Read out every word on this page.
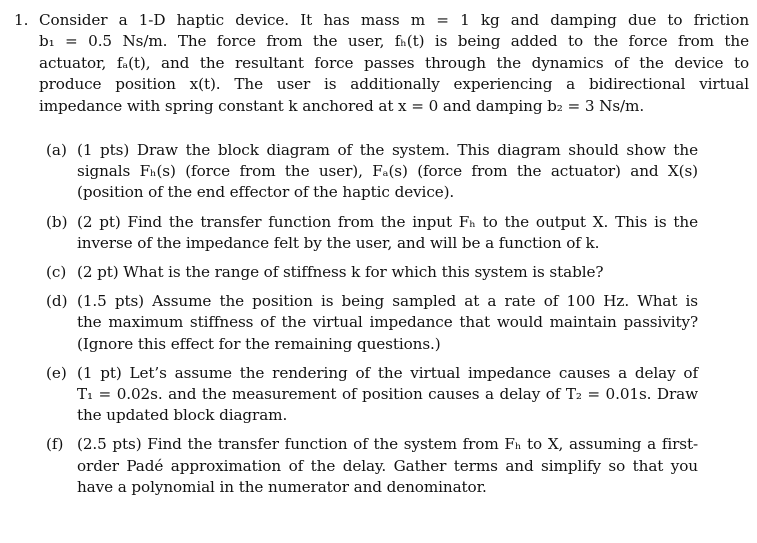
1. Consider a 1-D haptic device. It has mass m = 1 kg and damping due to friction
b₁ = 0.5 Ns/m. The force from the user, fₕ(t) is being added to the force from the
actuator, fₐ(t), and the resultant force passes through the dynamics of the device to
produce position x(t). The user is additionally experiencing a bidirectional virtual
impedance with spring constant k anchored at x = 0 and damping b₂ = 3 Ns/m.

(a) (1 pts) Draw the block diagram of the system. This diagram should show the
signals Fₕ(s) (force from the user), Fₐ(s) (force from the actuator) and X(s)
(position of the end effector of the haptic device).

(b) (2 pt) Find the transfer function from the input Fₕ to the output X. This is the
inverse of the impedance felt by the user, and will be a function of k.

(c) (2 pt) What is the range of stiffness k for which this system is stable?

(d) (1.5 pts) Assume the position is being sampled at a rate of 100 Hz. What is
the maximum stiffness of the virtual impedance that would maintain passivity?
(Ignore this effect for the remaining questions.)

(e) (1 pt) Let’s assume the rendering of the virtual impedance causes a delay of
T₁ = 0.02s. and the measurement of position causes a delay of T₂ = 0.01s. Draw
the updated block diagram.

(f) (2.5 pts) Find the transfer function of the system from Fₕ to X, assuming a first-
order Padé approximation of the delay. Gather terms and simplify so that you
have a polynomial in the numerator and denominator.
